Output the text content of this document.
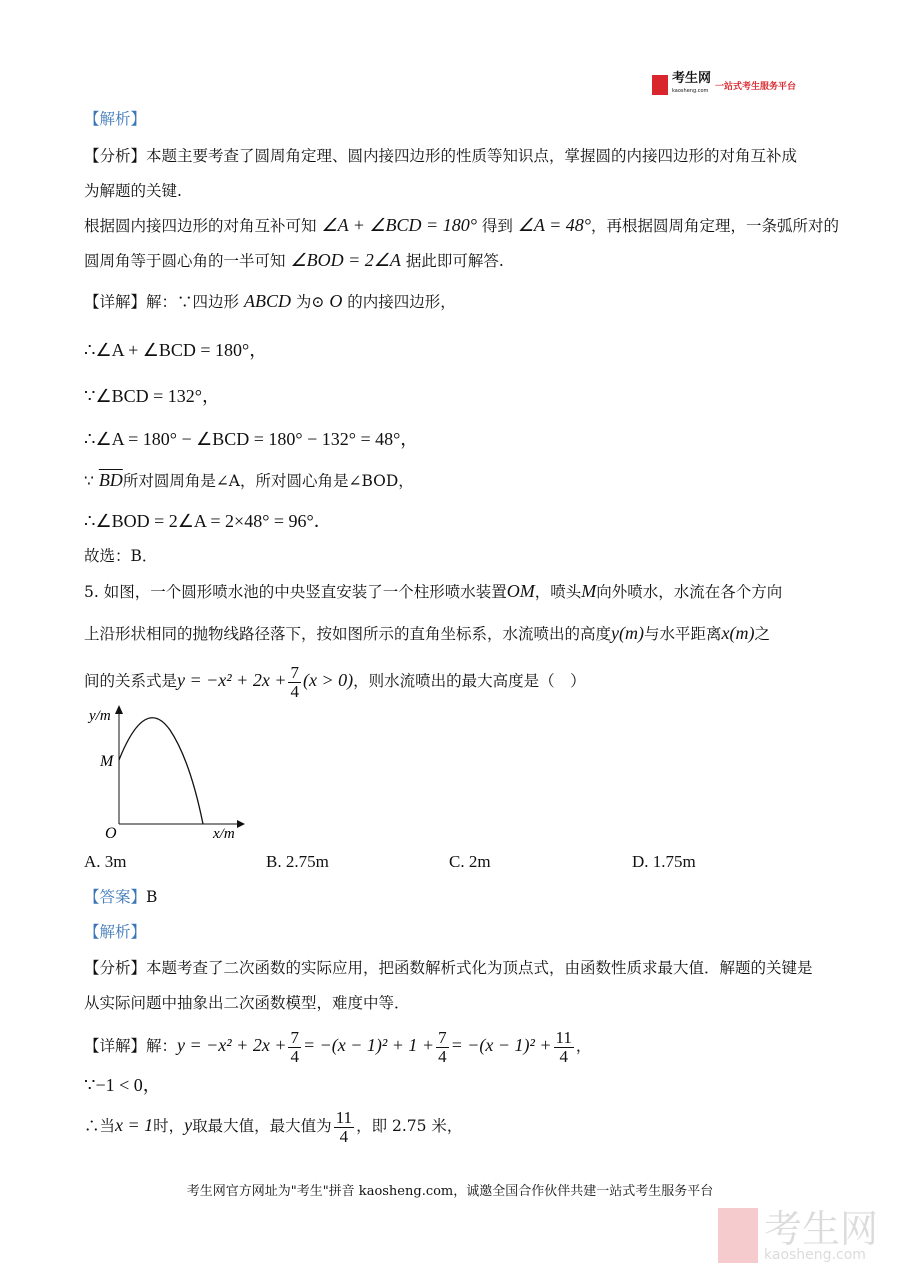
考生网
kaosheng.com 一站式考生服务平台
【解析】
【分析】本题主要考查了圆周角定理、圆内接四边形的性质等知识点，掌握圆的内接四边形的对角互补成
为解题的关键.
根据圆内接四边形的对角互补可知 ∠A + ∠BCD = 180° 得到 ∠A = 48°，再根据圆周角定理，一条弧所对的
圆周角等于圆心角的一半可知 ∠BOD = 2∠A 据此即可解答.
【详解】解：∵四边形 ABCD 为⊙ O 的内接四边形，
∴∠A + ∠BCD = 180°，
∵∠BCD = 132°，
∴∠A = 180° − ∠BCD = 180° − 132° = 48°，
∵ $\overline{BD}$所对圆周角是∠A，所对圆心角是∠BOD，
∴∠BOD = 2∠A = 2×48° = 96°．
故选：B．
5. 如图，一个圆形喷水池的中央竖直安装了一个柱形喷水装置OM，喷头M向外喷水，水流在各个方向
上沿形状相同的抛物线路径落下，按如图所示的直角坐标系，水流喷出的高度y(m)与水平距离x(m)之
间的关系式是$y = -x^2 + 2x + \frac{7}{4} (x > 0)$，则水流喷出的最大高度是（　）
y/m
M
O	x/m
A. 3m	B. 2.75m	C. 2m	D. 1.75m
【答案】B
【解析】
【分析】本题考查了二次函数的实际应用，把函数解析式化为顶点式，由函数性质求最大值．解题的关键是
从实际问题中抽象出二次函数模型，难度中等．
【详解】解：$y = -x^2 + 2x + \frac{7}{4} = -(x - 1)^2 + 1 + \frac{7}{4} = -(x - 1)^2 + \frac{11}{4}$ ，
∵−1 < 0，
∴当x = 1时，y取最大值，最大值为 $\frac{11}{4}$ ，即 2.75 米，
考生网官方网址为"考生"拼音 kaosheng.com，诚邀全国合作伙伴共建一站式考生服务平台
考生网
kaosheng.com
